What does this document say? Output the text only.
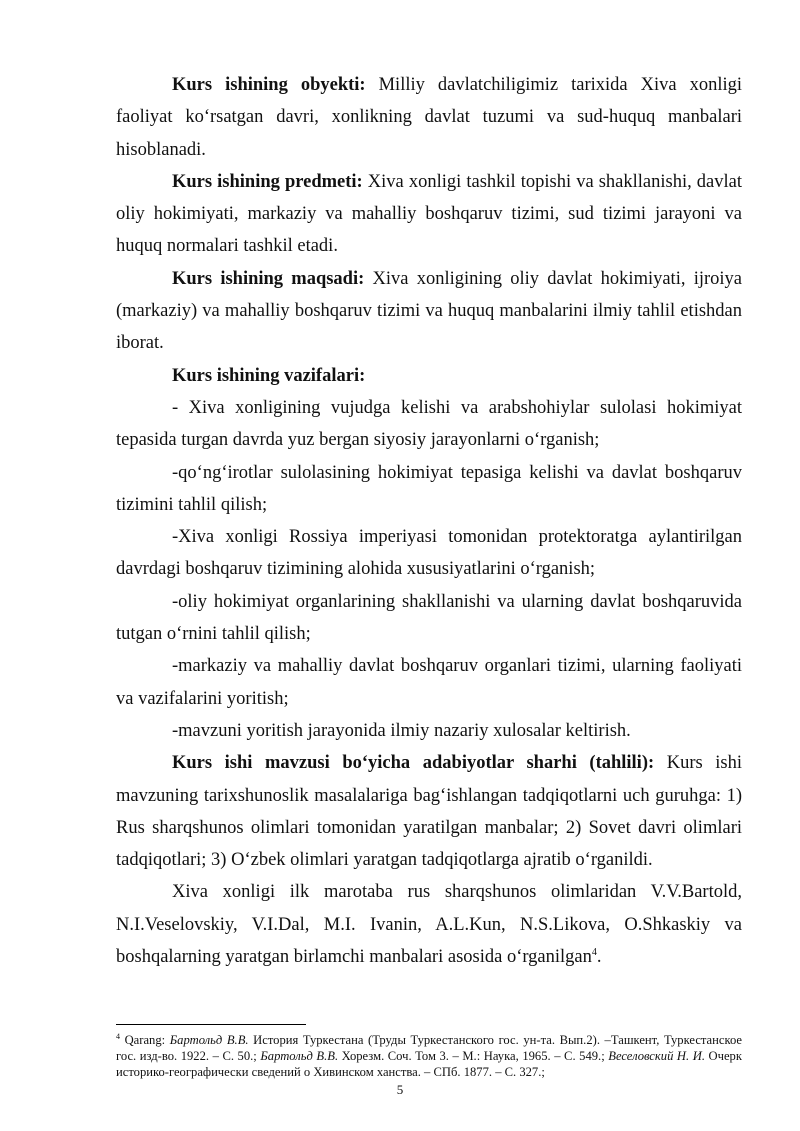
Kurs ishining obyekti: Milliy davlatchiligimiz tarixida Xiva xonligi faoliyat ko‘rsatgan davri, xonlikning davlat tuzumi va sud-huquq manbalari hisoblanadi.

Kurs ishining predmeti: Xiva xonligi tashkil topishi va shakllanishi, davlat oliy hokimiyati, markaziy va mahalliy boshqaruv tizimi, sud tizimi jarayoni va huquq normalari tashkil etadi.

Kurs ishining maqsadi: Xiva xonligining oliy davlat hokimiyati, ijroiya (markaziy) va mahalliy boshqaruv tizimi va huquq manbalarini ilmiy tahlil etishdan iborat.

Kurs ishining vazifalari:

- Xiva xonligining vujudga kelishi va arabshohiylar sulolasi hokimiyat tepasida turgan davrda yuz bergan siyosiy jarayonlarni o‘rganish;

-qo‘ng‘irotlar sulolasining hokimiyat tepasiga kelishi va davlat boshqaruv tizimini tahlil qilish;

-Xiva xonligi Rossiya imperiyasi tomonidan protektoratga aylantirilgan davrdagi boshqaruv tizimining alohida xususiyatlarini o‘rganish;

-oliy hokimiyat organlarining shakllanishi va ularning davlat boshqaruvida tutgan o‘rnini tahlil qilish;

-markaziy va mahalliy davlat boshqaruv organlari tizimi, ularning faoliyati va vazifalarini yoritish;

-mavzuni yoritish jarayonida ilmiy nazariy xulosalar keltirish.

Kurs ishi mavzusi bo‘yicha adabiyotlar sharhi (tahlili): Kurs ishi mavzuning tarixshunoslik masalalariga bag‘ishlangan tadqiqotlarni uch guruhga: 1) Rus sharqshunos olimlari tomonidan yaratilgan manbalar; 2) Sovet davri olimlari tadqiqotlari; 3) O‘zbek olimlari yaratgan tadqiqotlarga ajratib o‘rganildi.

Xiva xonligi ilk marotaba rus sharqshunos olimlaridan V.V.Bartold, N.I.Veselovskiy, V.I.Dal, M.I. Ivanin, A.L.Kun, N.S.Likova, O.Shkaskiy va boshqalarning yaratgan birlamchi manbalari asosida o‘rganilgan$^4$.

$^4$ Qarang: Бартольд В.В. История Туркестана (Труды Туркестанского гос. ун-та. Вып.2). –Ташкент, Туркестанское гос. изд-во. 1922. – С. 50.; Бартольд В.В. Хорезм. Соч. Том 3. – М.: Наука, 1965. – С. 549.; Веселовский Н. И. Очерк историко-географически сведений о Хивинском ханства. – СПб. 1877. – С. 327.;
5
